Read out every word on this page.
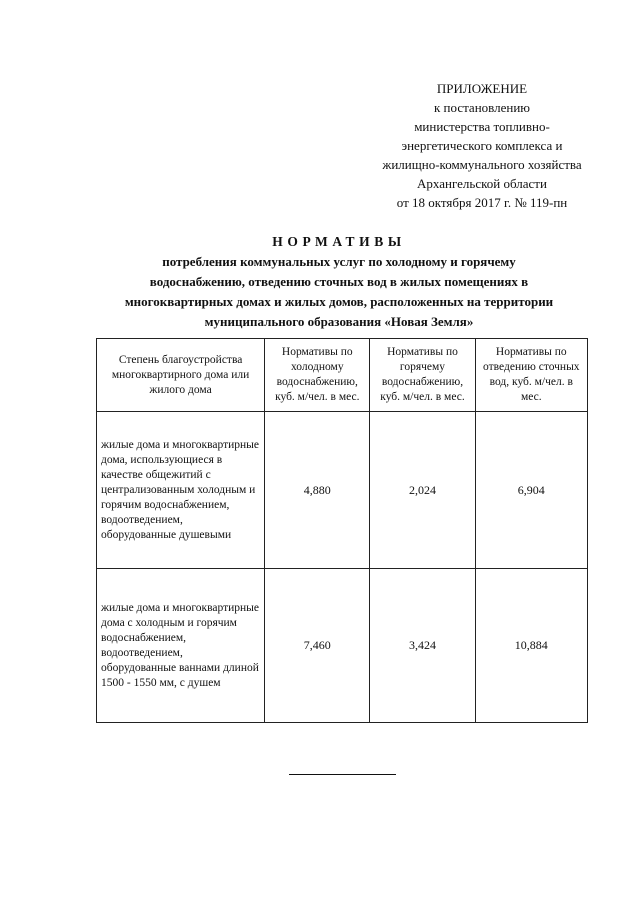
ПРИЛОЖЕНИЕ
к постановлению
министерства топливно-
энергетического комплекса и
жилищно-коммунального хозяйства
Архангельской области
от 18 октября 2017 г. № 119-пн
НОРМАТИВЫ
потребления коммунальных услуг по холодному и горячему
водоснабжению, отведению сточных вод в жилых помещениях в
многоквартирных домах и жилых домов, расположенных на территории
муниципального образования «Новая Земля»
Степень благоустройства многоквартирного дома или жилого дома	Нормативы по холодному водоснабжению, куб. м/чел. в мес.	Нормативы по горячему водоснабжению, куб. м/чел. в мес.	Нормативы по отведению сточных вод, куб. м/чел. в мес.
жилые дома и многоквартирные дома, использующиеся в качестве общежитий с централизованным холодным и горячим водоснабжением, водоотведением, оборудованные душевыми	4,880	2,024	6,904
жилые дома и многоквартирные дома с холодным и горячим водоснабжением, водоотведением, оборудованные ваннами длиной 1500 - 1550 мм, с душем	7,460	3,424	10,884
